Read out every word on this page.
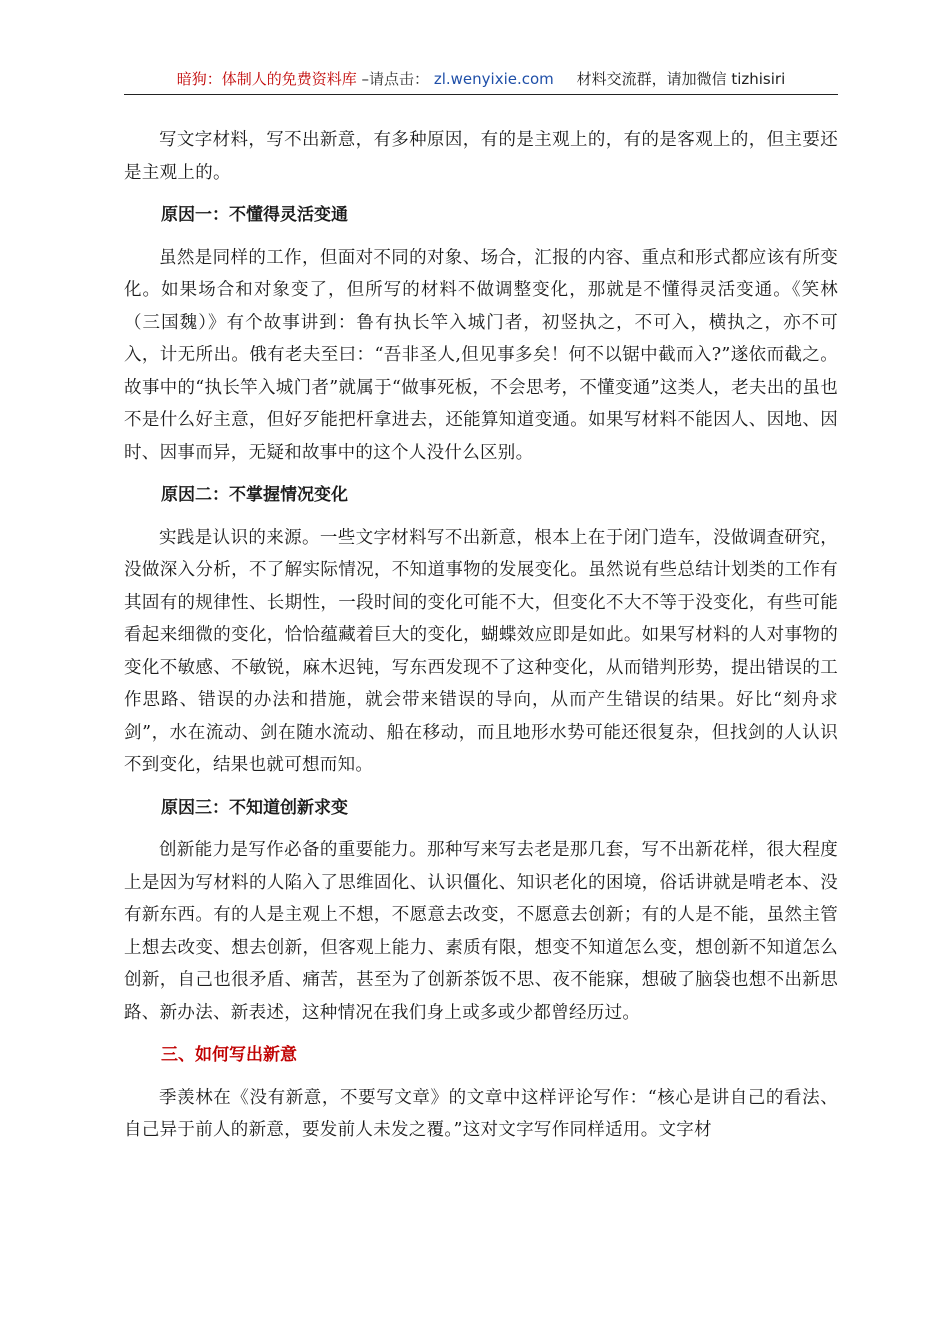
暗狗：体制人的免费资料库 –请点击： zl.wenyixie.com 材料交流群，请加微信 tizhisiri

写文字材料，写不出新意，有多种原因，有的是主观上的，有的是客观上的，但主要还是主观上的。

原因一：不懂得灵活变通

虽然是同样的工作，但面对不同的对象、场合，汇报的内容、重点和形式都应该有所变化。如果场合和对象变了，但所写的材料不做调整变化，那就是不懂得灵活变通。《笑林（三国魏）》有个故事讲到：鲁有执长竿入城门者，初竖执之，不可入，横执之，亦不可入，计无所出。俄有老夫至曰：“吾非圣人,但见事多矣！何不以锯中截而入?”遂依而截之。故事中的“执长竿入城门者”就属于“做事死板，不会思考，不懂变通”这类人，老夫出的虽也不是什么好主意，但好歹能把杆拿进去，还能算知道变通。如果写材料不能因人、因地、因时、因事而异，无疑和故事中的这个人没什么区别。

原因二：不掌握情况变化

实践是认识的来源。一些文字材料写不出新意，根本上在于闭门造车，没做调查研究，没做深入分析，不了解实际情况，不知道事物的发展变化。虽然说有些总结计划类的工作有其固有的规律性、长期性，一段时间的变化可能不大，但变化不大不等于没变化，有些可能看起来细微的变化，恰恰蕴藏着巨大的变化，蝴蝶效应即是如此。如果写材料的人对事物的变化不敏感、不敏锐，麻木迟钝，写东西发现不了这种变化，从而错判形势，提出错误的工作思路、错误的办法和措施，就会带来错误的导向，从而产生错误的结果。好比“刻舟求剑”，水在流动、剑在随水流动、船在移动，而且地形水势可能还很复杂，但找剑的人认识不到变化，结果也就可想而知。

原因三：不知道创新求变

创新能力是写作必备的重要能力。那种写来写去老是那几套，写不出新花样，很大程度上是因为写材料的人陷入了思维固化、认识僵化、知识老化的困境，俗话讲就是啃老本、没有新东西。有的人是主观上不想，不愿意去改变，不愿意去创新；有的人是不能，虽然主管上想去改变、想去创新，但客观上能力、素质有限，想变不知道怎么变，想创新不知道怎么创新，自己也很矛盾、痛苦，甚至为了创新茶饭不思、夜不能寐，想破了脑袋也想不出新思路、新办法、新表述，这种情况在我们身上或多或少都曾经历过。

三、如何写出新意

季羡林在《没有新意，不要写文章》的文章中这样评论写作：“核心是讲自己的看法、自己异于前人的新意，要发前人未发之覆。”这对文字写作同样适用。文字材
